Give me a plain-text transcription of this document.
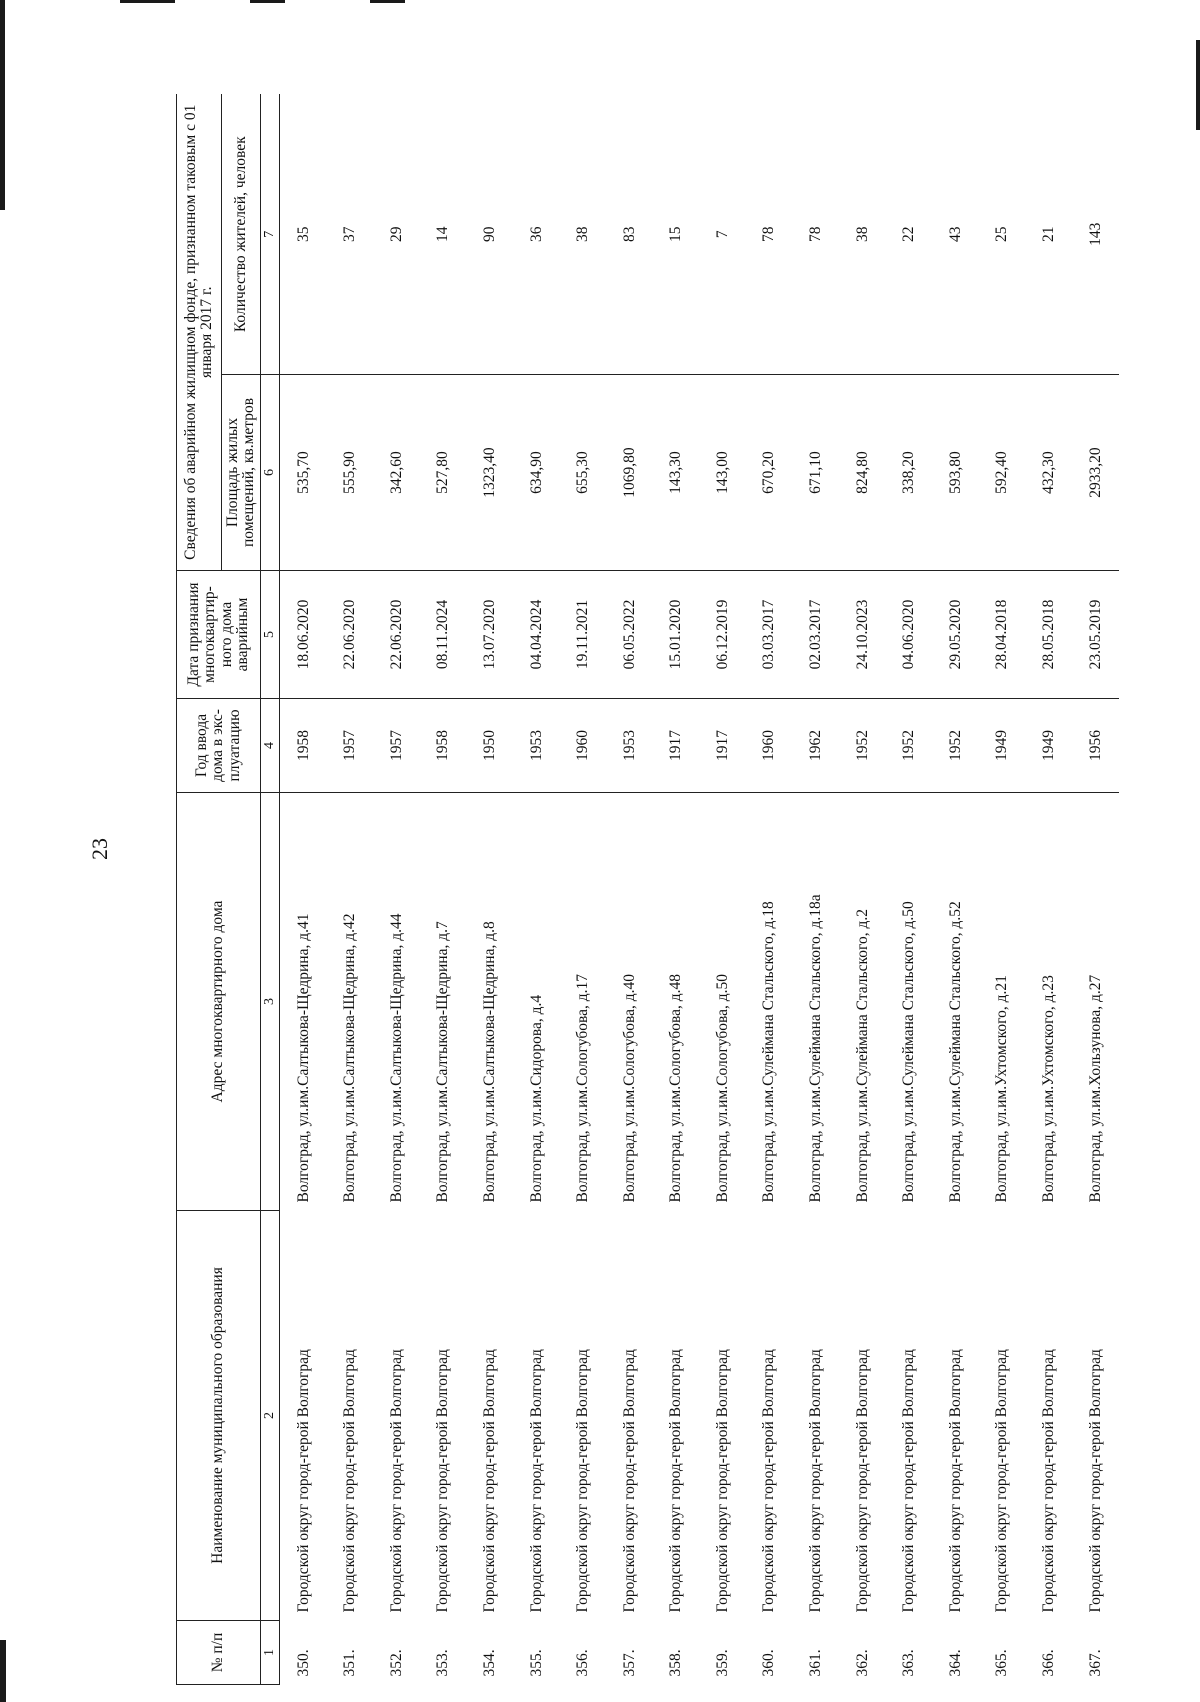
23
№ п/п	Наименование муниципального образования	Адрес многоквартирного дома	Год ввода дома в экс-плуатацию	Дата признания многоквартир-ного дома аварийным	Сведения об аварийном жилищном фонде, признанном таковым с 01 января 2017 г.	
					Площадь жилых помещений, кв.метров	Количество жителей, человек
1	2	3	4	5	6	7
350.	Городской округ город-герой Волгоград	Волгоград, ул.им.Салтыкова-Щедрина, д.41	1958	18.06.2020	535,70	35
351.	Городской округ город-герой Волгоград	Волгоград, ул.им.Салтыкова-Щедрина, д.42	1957	22.06.2020	555,90	37
352.	Городской округ город-герой Волгоград	Волгоград, ул.им.Салтыкова-Щедрина, д.44	1957	22.06.2020	342,60	29
353.	Городской округ город-герой Волгоград	Волгоград, ул.им.Салтыкова-Щедрина, д.7	1958	08.11.2024	527,80	14
354.	Городской округ город-герой Волгоград	Волгоград, ул.им.Салтыкова-Щедрина, д.8	1950	13.07.2020	1323,40	90
355.	Городской округ город-герой Волгоград	Волгоград, ул.им.Сидорова, д.4	1953	04.04.2024	634,90	36
356.	Городской округ город-герой Волгоград	Волгоград, ул.им.Сологубова, д.17	1960	19.11.2021	655,30	38
357.	Городской округ город-герой Волгоград	Волгоград, ул.им.Сологубова, д.40	1953	06.05.2022	1069,80	83
358.	Городской округ город-герой Волгоград	Волгоград, ул.им.Сологубова, д.48	1917	15.01.2020	143,30	15
359.	Городской округ город-герой Волгоград	Волгоград, ул.им.Сологубова, д.50	1917	06.12.2019	143,00	7
360.	Городской округ город-герой Волгоград	Волгоград, ул.им.Сулеймана Стальского, д.18	1960	03.03.2017	670,20	78
361.	Городской округ город-герой Волгоград	Волгоград, ул.им.Сулеймана Стальского, д.18а	1962	02.03.2017	671,10	78
362.	Городской округ город-герой Волгоград	Волгоград, ул.им.Сулеймана Стальского, д.2	1952	24.10.2023	824,80	38
363.	Городской округ город-герой Волгоград	Волгоград, ул.им.Сулеймана Стальского, д.50	1952	04.06.2020	338,20	22
364.	Городской округ город-герой Волгоград	Волгоград, ул.им.Сулеймана Стальского, д.52	1952	29.05.2020	593,80	43
365.	Городской округ город-герой Волгоград	Волгоград, ул.им.Ухтомского, д.21	1949	28.04.2018	592,40	25
366.	Городской округ город-герой Волгоград	Волгоград, ул.им.Ухтомского, д.23	1949	28.05.2018	432,30	21
367.	Городской округ город-герой Волгоград	Волгоград, ул.им.Хользунова, д.27	1956	23.05.2019	2933,20	143
